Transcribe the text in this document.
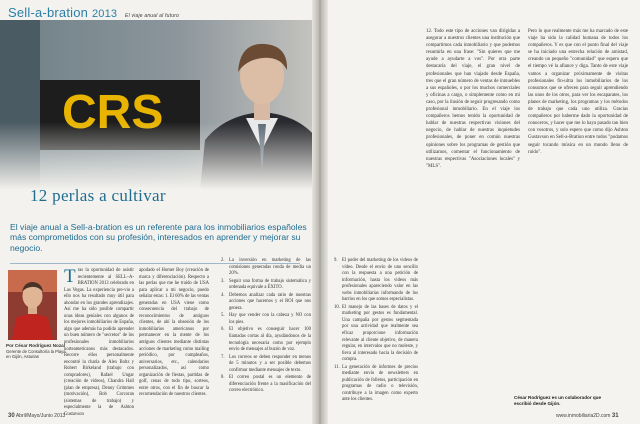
Sell-a-bration 2013 El viaje anual al futuro
12 perlas a cultivar
El viaje anual a Sell-a-bration es un referente para los inmobiliarios españoles más comprometidos con su profesión, interesados en aprender y mejorar su negocio.
Por César Rodríguez Nozal
Gerente de Consultoría la Playa en Gijón, Asturias
Tras la oportunidad de asistir recientemente al SELL–A-BRATION 2013 celebrado en Las Vegas. La experiencia pre-vio a ello nos ha resultado muy útil para ahondar en los grandes aprendizajes. Así me ha sido posible compartir unas ideas geniales con algunos de los mejores inmobiliarios de España, algo que además ha podido aprender un buen número de "secretos" de los profesionales inmobiliarios norteamericanos más destacados. Recorre ellos personalmente encontré la charla de Alex Bolts y Robert Birkeland (trabajo con compradores), Rafael Ungar (creación de videos), Chandra Hall (plan de empresa), Denny Grimmes (motivación), Bob Corcoran (sistemas de trabajo) y especialmente la de Ashton Gustavson
apodado el Homer Boy (creación de marca y diferenciación). Respecto a las perlas que me he traído de USA para aplicar a mi negocio, puedo señalar estas: 1. El 60% de las ventas generadas en USA viene como consecuencia del trabajo de reconocimientos de antiguos clientes, de ahí la obsesión de los inmobiliarios americanos por permanecer en la mente de los antiguos clientes mediante distintas acciones de marketing como mailing periódico, por cumpleaños, aniversarios, etc., calendarios personalizados, así como organización de fiestas, partidas de golf, cenas de todo tipo, sorteos, entre otros, con el fin de buscar la recomendación de nuestros clientes.
2. La inversión en marketing de las comisiones generadas ronda de media un 20%.
3. Seguir una forma de trabajo sistemática y ordenada equivale a ÉXITO.
4. Debemos analizar cada ratio de nuestras acciones que hacemos y el ROI que nos genera.
5. Hay que vender con la cabeza y NO con los pies.
6. El objetivo es conseguir hacer 100 llamadas cortas al día, ayudándonos de la tecnología necesaria como por ejemplo envío de mensajes al buzón de voz.
7. Los correos se deben responder en menos de 5 minutos y a ser posible debemos confirmar mediante mensajes de texto.
8. El correo postal es un elemento de diferenciación frente a la masificación del correo electrónico.
9. El poder del marketing de los videos de vídeo. Desde el envío de uno sencillo con la respuesta a una petición de información, hasta los videos más profesionales apareciendo valor en las webs inmobiliarias informando de los barrios en los que somos especialistas.
10. El manejo de las bases de datos y el marketing por gestos es fundamental. Una campaña por gestos segmentada por una actividad que realmente sea eficaz proporcione información relevante al cliente objetivo, de manera regular, en intervalos que no moleste, y lleva al interesado hacia la decisión de compra.
11. La generación de informes de precios mediante envío de newsletters en publicación de folletos, participación en programas de radio o televisión, contribuye a la imagen como experto ante los clientes.
12. Todo este tipo de acciones van dirigidas a asegurar a nuestros clientes una institución que compartimos cada inmobiliario y que podemos resumirla en una frase: "Sin quieres que me ayude a ayudarte a vos". Por otra parte destacaría del viaje, el gran nivel de profesionales que han viajado desde España, tres que el gran número de ventas de inmuebles a sus españoles, o por los muchos comerciales y oficinas a cargo, o simplemente como en mi caso, por la ilusión de seguir progresando como profesional inmobiliario. En el viaje los compañeros hemos tenido la oportunidad de hablar de nuestras respectivas visiones del negocio, de hablar de nuestras inquietudes profesionales, de poner en común nuestras opiniones sobre los programas de gestión que utilizamos, comentar el funcionamiento de nuestras respectivas "Asociaciones locales" y "MLS".
Pero lo que realmente más me ha marcado de este viaje ha sido la calidad humana de todos los compañeros. Y es que con el punto final del viaje se ha iniciado una estrecha relación de amistad, creando un pequeño "comunidad" que espero que el tiempo vé la afiance y diga. Tanto de este viaje vamos a organizar próximamente de visitas profesionales fin-ultra los inmobiliarios de los consumos que se ofrecen para seguir aprendiendo las unos de los otros, para ver los escaparates, los planes de marketing, los programas y los métodos de trabajo que cada uno utiliza. Gracias compañeros por haberme dado la oportunidad de conoceros, y hacer que me lo haya pasado tan bien con vosotros, y solo espero que como dijo Ashton Gustavson en Sell-a-Bration entre todos "podamos seguir tocando música en un mundo lleno de ruido".
César Rodríguez es un colaborador que
escribió desde Gijón.
30 Abril/Mayo/Junio 2013	www.inmobiliaria2D.com 31
